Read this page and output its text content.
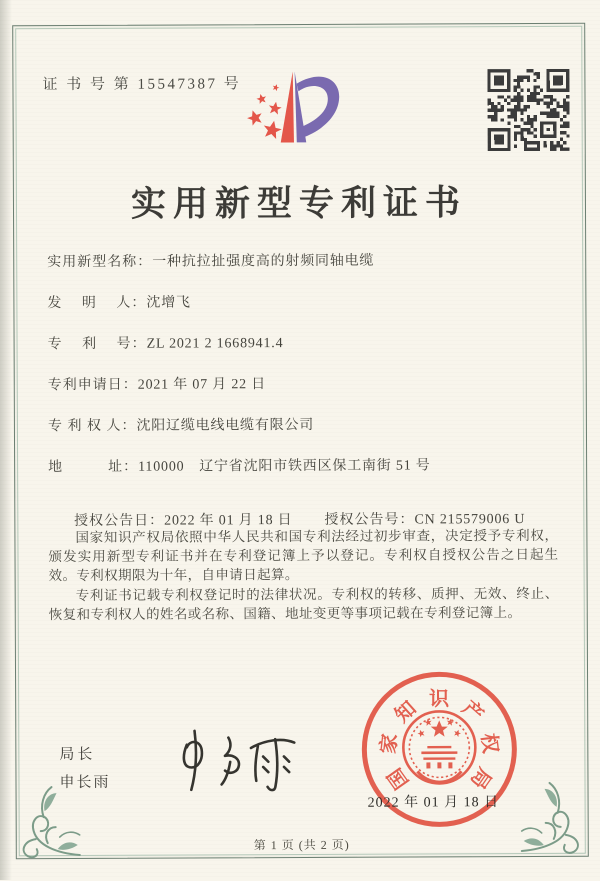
证 书 号 第 15547387 号
实用新型专利证书
实用新型名称：一种抗拉扯强度高的射频同轴电缆
发　 明　 人：沈增飞
专　 利　 号：ZL 2021 2 1668941.4
专利申请日：2021 年 07 月 22 日
专 利 权 人：沈阳辽缆电线电缆有限公司
地　　　址：110000　辽宁省沈阳市铁西区保工南街 51 号

授权公告日：2022 年 01 月 18 日 授权公告号：CN 215579006 U

国家知识产权局依照中华人民共和国专利法经过初步审查，决定授予专利权，颁发实用新型专利证书并在专利登记簿上予以登记。专利权自授权公告之日起生效。专利权期限为十年，自申请日起算。

专利证书记载专利权登记时的法律状况。专利权的转移、质押、无效、终止、恢复和专利权人的姓名或名称、国籍、地址变更等事项记载在专利登记簿上。

局长
申长雨	国
家
知 识 产
权
局
2022 年 01 月 18 日
第 1 页 (共 2 页)
